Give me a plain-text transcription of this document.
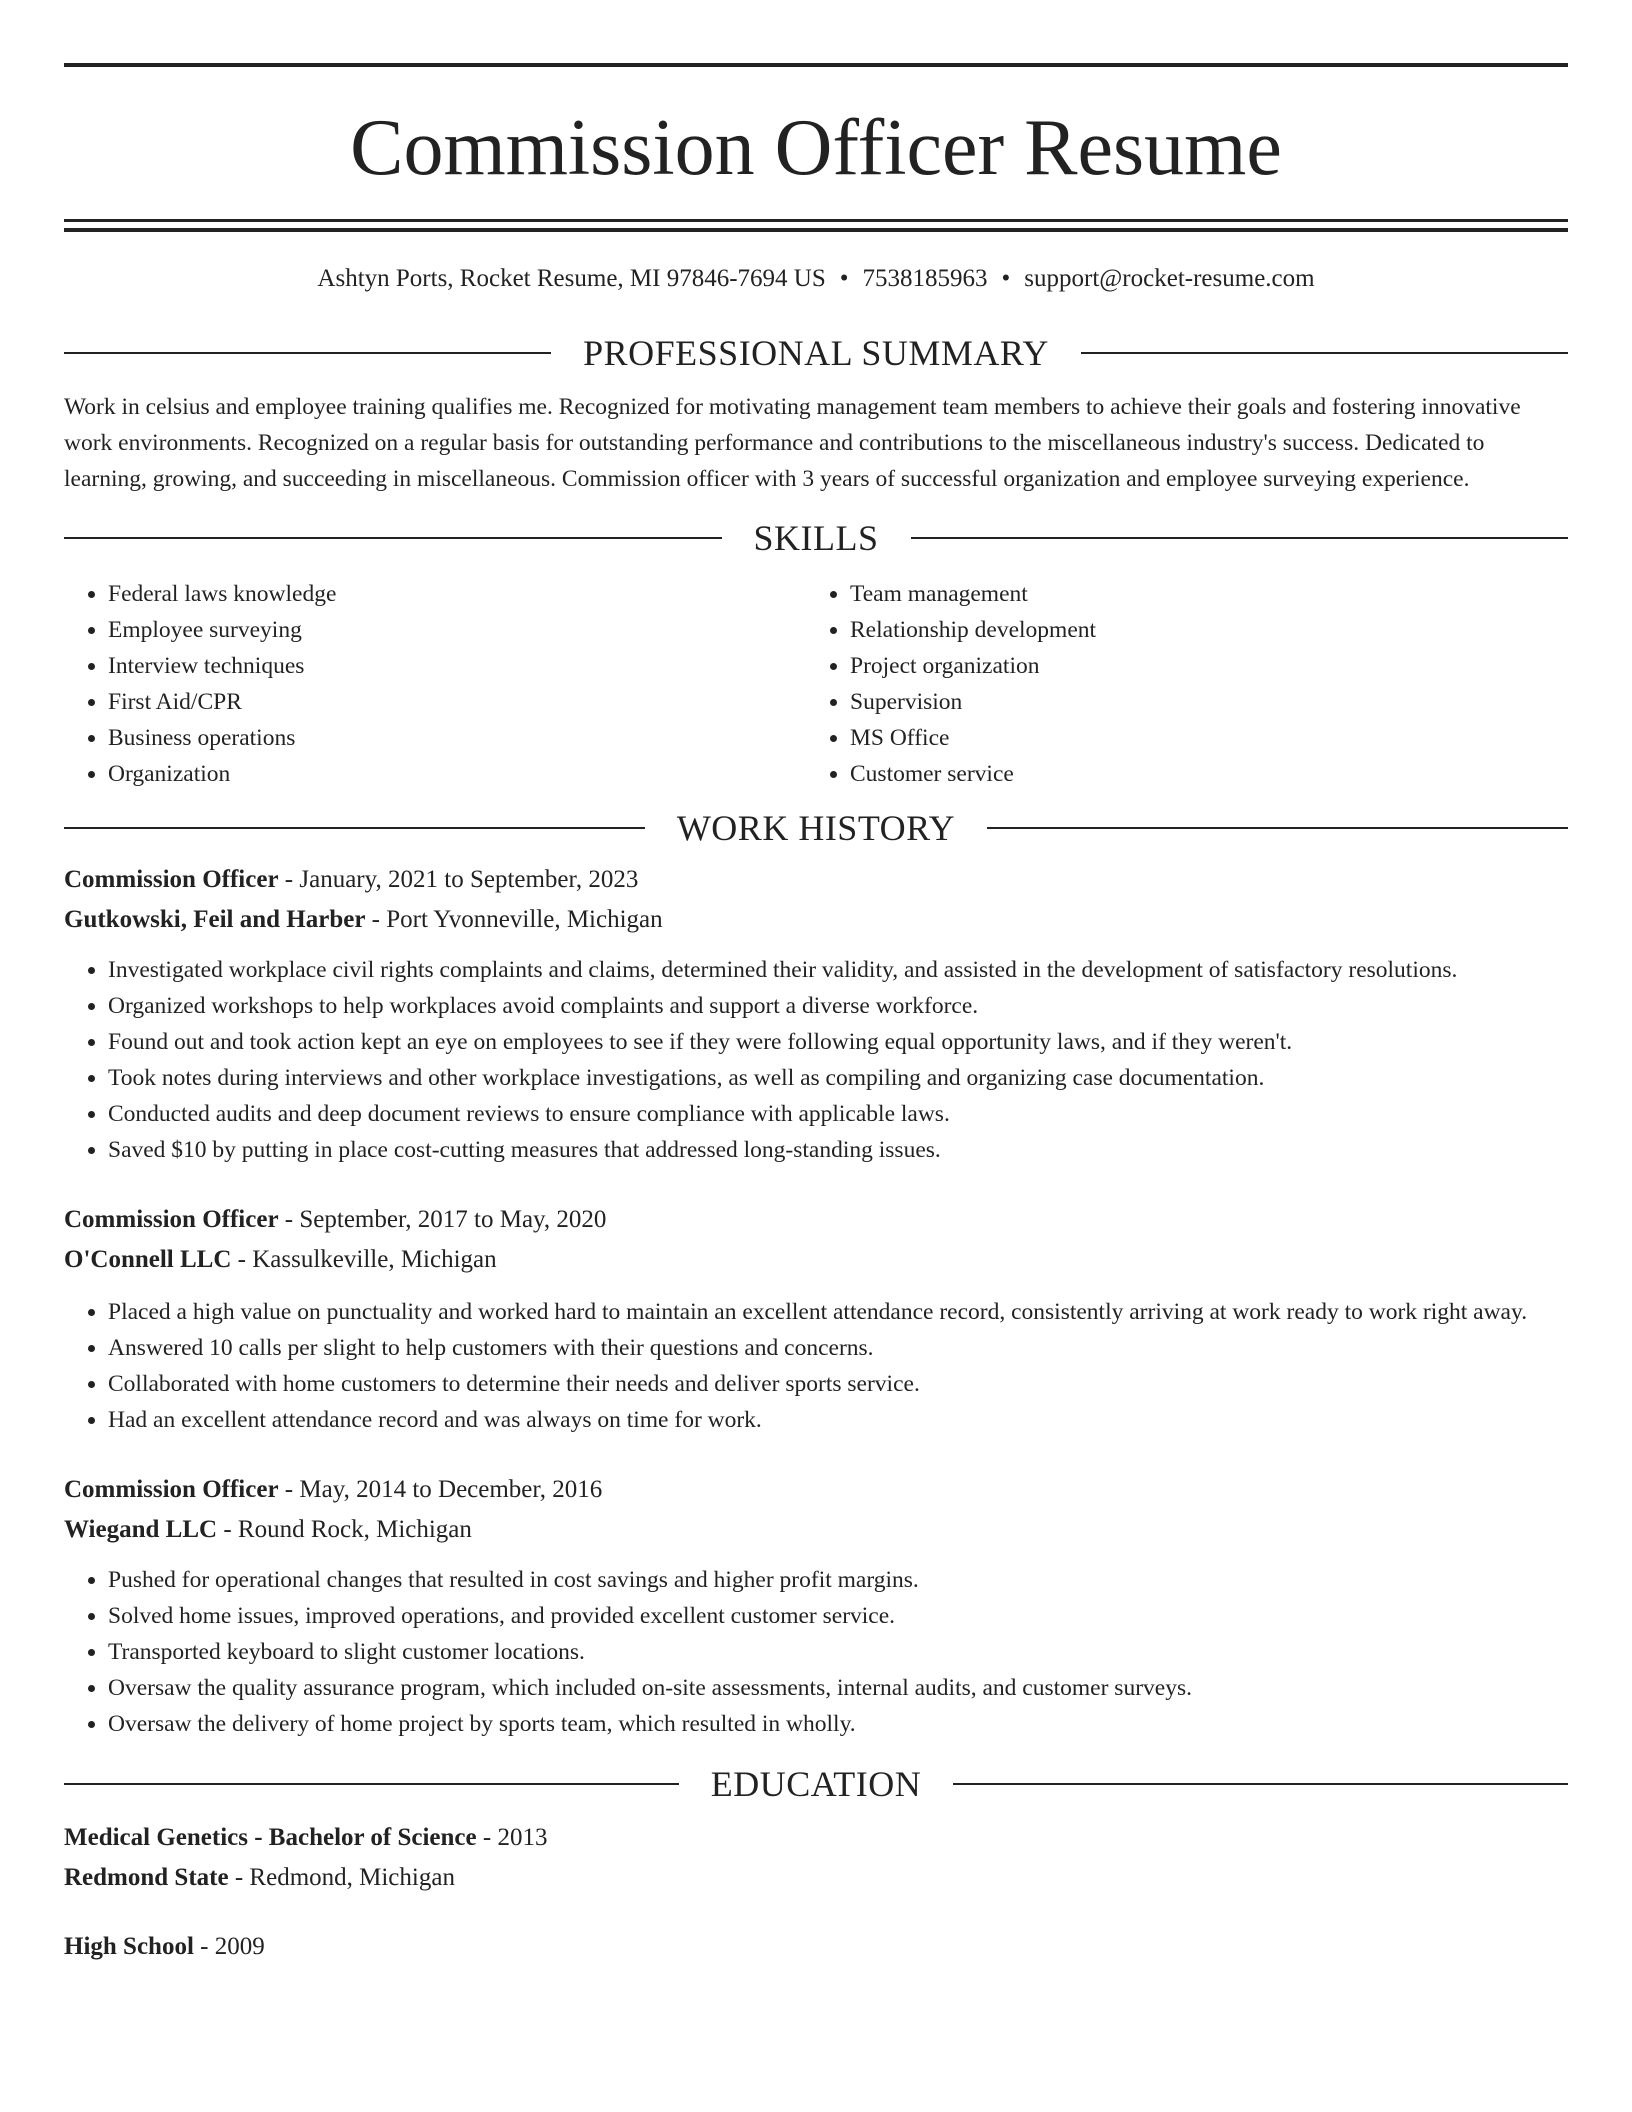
Commission Officer Resume
Ashtyn Ports, Rocket Resume, MI 97846-7694 US • 7538185963 • support@rocket-resume.com
PROFESSIONAL SUMMARY

Work in celsius and employee training qualifies me. Recognized for motivating management team members to achieve their goals and fostering innovative work environments. Recognized on a regular basis for outstanding performance and contributions to the miscellaneous industry's success. Dedicated to learning, growing, and succeeding in miscellaneous. Commission officer with 3 years of successful organization and employee surveying experience.

SKILLS
• Federal laws knowledge
• Employee surveying
• Interview techniques
• First Aid/CPR
• Business operations
• Organization
• Team management
• Relationship development
• Project organization
• Supervision
• MS Office
• Customer service
WORK HISTORY
Commission Officer - January, 2021 to September, 2023
Gutkowski, Feil and Harber - Port Yvonneville, Michigan
• Investigated workplace civil rights complaints and claims, determined their validity, and assisted in the development of satisfactory resolutions.
• Organized workshops to help workplaces avoid complaints and support a diverse workforce.
• Found out and took action kept an eye on employees to see if they were following equal opportunity laws, and if they weren't.
• Took notes during interviews and other workplace investigations, as well as compiling and organizing case documentation.
• Conducted audits and deep document reviews to ensure compliance with applicable laws.
• Saved $10 by putting in place cost-cutting measures that addressed long-standing issues.
Commission Officer - September, 2017 to May, 2020
O'Connell LLC - Kassulkeville, Michigan
• Placed a high value on punctuality and worked hard to maintain an excellent attendance record, consistently arriving at work ready to work right away.
• Answered 10 calls per slight to help customers with their questions and concerns.
• Collaborated with home customers to determine their needs and deliver sports service.
• Had an excellent attendance record and was always on time for work.
Commission Officer - May, 2014 to December, 2016
Wiegand LLC - Round Rock, Michigan
• Pushed for operational changes that resulted in cost savings and higher profit margins.
• Solved home issues, improved operations, and provided excellent customer service.
• Transported keyboard to slight customer locations.
• Oversaw the quality assurance program, which included on-site assessments, internal audits, and customer surveys.
• Oversaw the delivery of home project by sports team, which resulted in wholly.
EDUCATION
Medical Genetics - Bachelor of Science - 2013
Redmond State - Redmond, Michigan
High School - 2009
